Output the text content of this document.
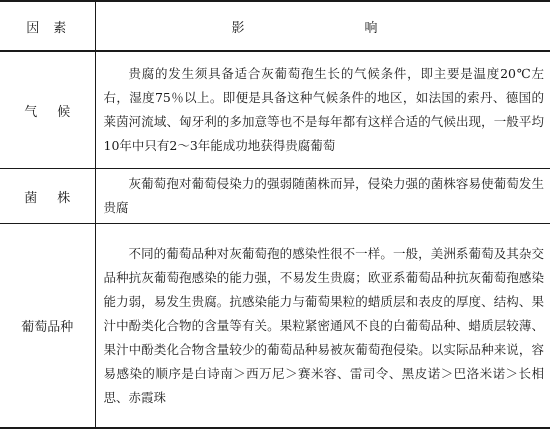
因素	影响
气候	贵腐的发生须具备适合灰葡萄孢生长的气候条件，即主要是温度20℃左右，湿度75％以上。即便是具备这种气候条件的地区，如法国的索丹、德国的莱茵河流域、匈牙利的多加意等也不是每年都有这样合适的气候出现，一般平均10年中只有2～3年能成功地获得贵腐葡萄
菌株	灰葡萄孢对葡萄侵染力的强弱随菌株而异，侵染力强的菌株容易使葡萄发生贵腐
葡萄品种	不同的葡萄品种对灰葡萄孢的感染性很不一样。一般，美洲系葡萄及其杂交品种抗灰葡萄孢感染的能力强，不易发生贵腐；欧亚系葡萄品种抗灰葡萄孢感染能力弱，易发生贵腐。抗感染能力与葡萄果粒的蜡质层和表皮的厚度、结构、果汁中酚类化合物的含量等有关。果粒紧密通风不良的白葡萄品种、蜡质层较薄、果汁中酚类化合物含量较少的葡萄品种易被灰葡萄孢侵染。以实际品种来说，容易感染的顺序是白诗南＞西万尼＞赛米容、雷司令、黑皮诺＞巴洛米诺＞长相思、赤霞珠
